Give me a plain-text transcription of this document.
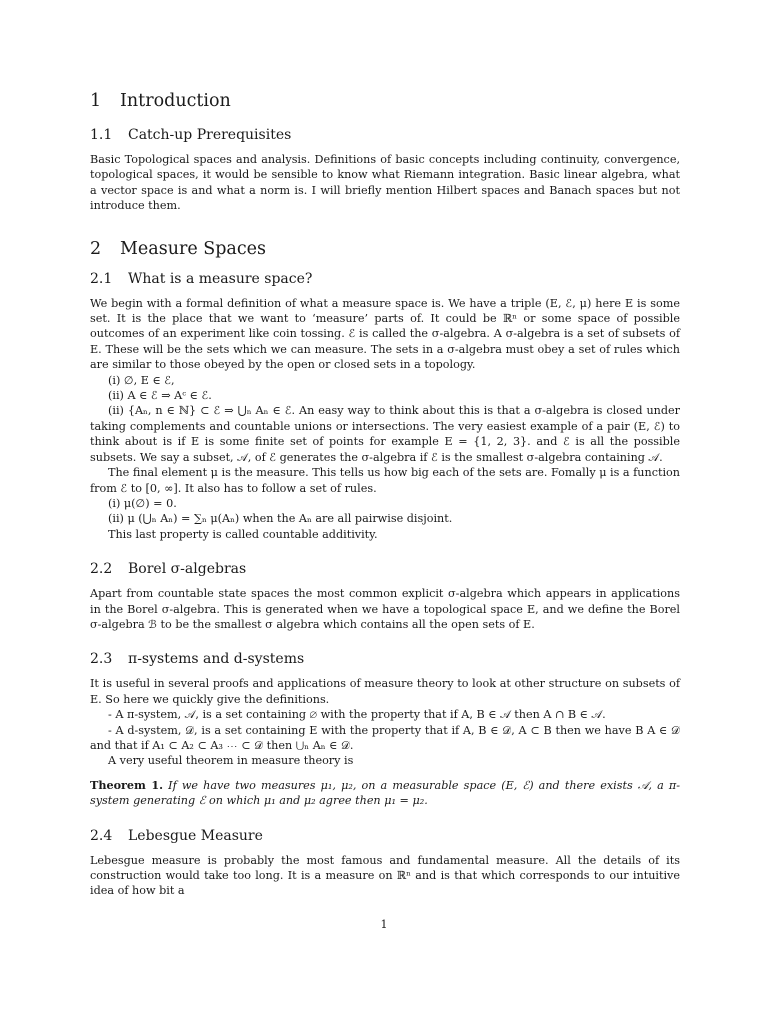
1 Introduction
1.1 Catch-up Prerequisites

Basic Topological spaces and analysis. Definitions of basic concepts including continuity, convergence, topological spaces, it would be sensible to know what Riemann integration. Basic linear algebra, what a vector space is and what a norm is. I will briefly mention Hilbert spaces and Banach spaces but not introduce them.

2 Measure Spaces
2.1 What is a measure space?

We begin with a formal definition of what a measure space is. We have a triple (E, ℰ, μ) here E is some set. It is the place that we want to ‘measure’ parts of. It could be ℝⁿ or some space of possible outcomes of an experiment like coin tossing. ℰ is called the σ-algebra. A σ-algebra is a set of subsets of E. These will be the sets which we can measure. The sets in a σ-algebra must obey a set of rules which are similar to those obeyed by the open or closed sets in a topology.

(i) ∅, E ∈ ℰ,

(ii) A ∈ ℰ ⇒ Aᶜ ∈ ℰ.

(ii) {Aₙ, n ∈ ℕ} ⊂ ℰ ⇒ ⋃ₙ Aₙ ∈ ℰ. An easy way to think about this is that a σ-algebra is closed under taking complements and countable unions or intersections. The very easiest example of a pair (E, ℰ) to think about is if E is some finite set of points for example E = {1, 2, 3}. and ℰ is all the possible subsets. We say a subset, 𝒜, of ℰ generates the σ-algebra if ℰ is the smallest σ-algebra containing 𝒜.

The final element μ is the measure. This tells us how big each of the sets are. Fomally μ is a function from ℰ to [0, ∞]. It also has to follow a set of rules.

(i) μ(∅) = 0.

(ii) μ (⋃ₙ Aₙ) = ∑ₙ μ(Aₙ) when the Aₙ are all pairwise disjoint.

This last property is called countable additivity.

2.2 Borel σ-algebras

Apart from countable state spaces the most common explicit σ-algebra which appears in applications in the Borel σ-algebra. This is generated when we have a topological space E, and we define the Borel σ-algebra ℬ to be the smallest σ algebra which contains all the open sets of E.

2.3 π-systems and d-systems

It is useful in several proofs and applications of measure theory to look at other structure on subsets of E. So here we quickly give the definitions.

- A π-system, 𝒜, is a set containing ∅ with the property that if A, B ∈ 𝒜 then A ∩ B ∈ 𝒜.

- A d-system, 𝒟, is a set containing E with the property that if A, B ∈ 𝒟, A ⊂ B then we have B A ∈ 𝒟 and that if A₁ ⊂ A₂ ⊂ A₃ ⋯ ⊂ 𝒟 then ⋃ₙ Aₙ ∈ 𝒟.

A very useful theorem in measure theory is

Theorem 1. If we have two measures μ₁, μ₂, on a measurable space (E, ℰ) and there exists 𝒜, a π-system generating ℰ on which μ₁ and μ₂ agree then μ₁ = μ₂.

2.4 Lebesgue Measure

Lebesgue measure is probably the most famous and fundamental measure. All the details of its construction would take too long. It is a measure on ℝⁿ and is that which corresponds to our intuitive idea of how bit a

1
